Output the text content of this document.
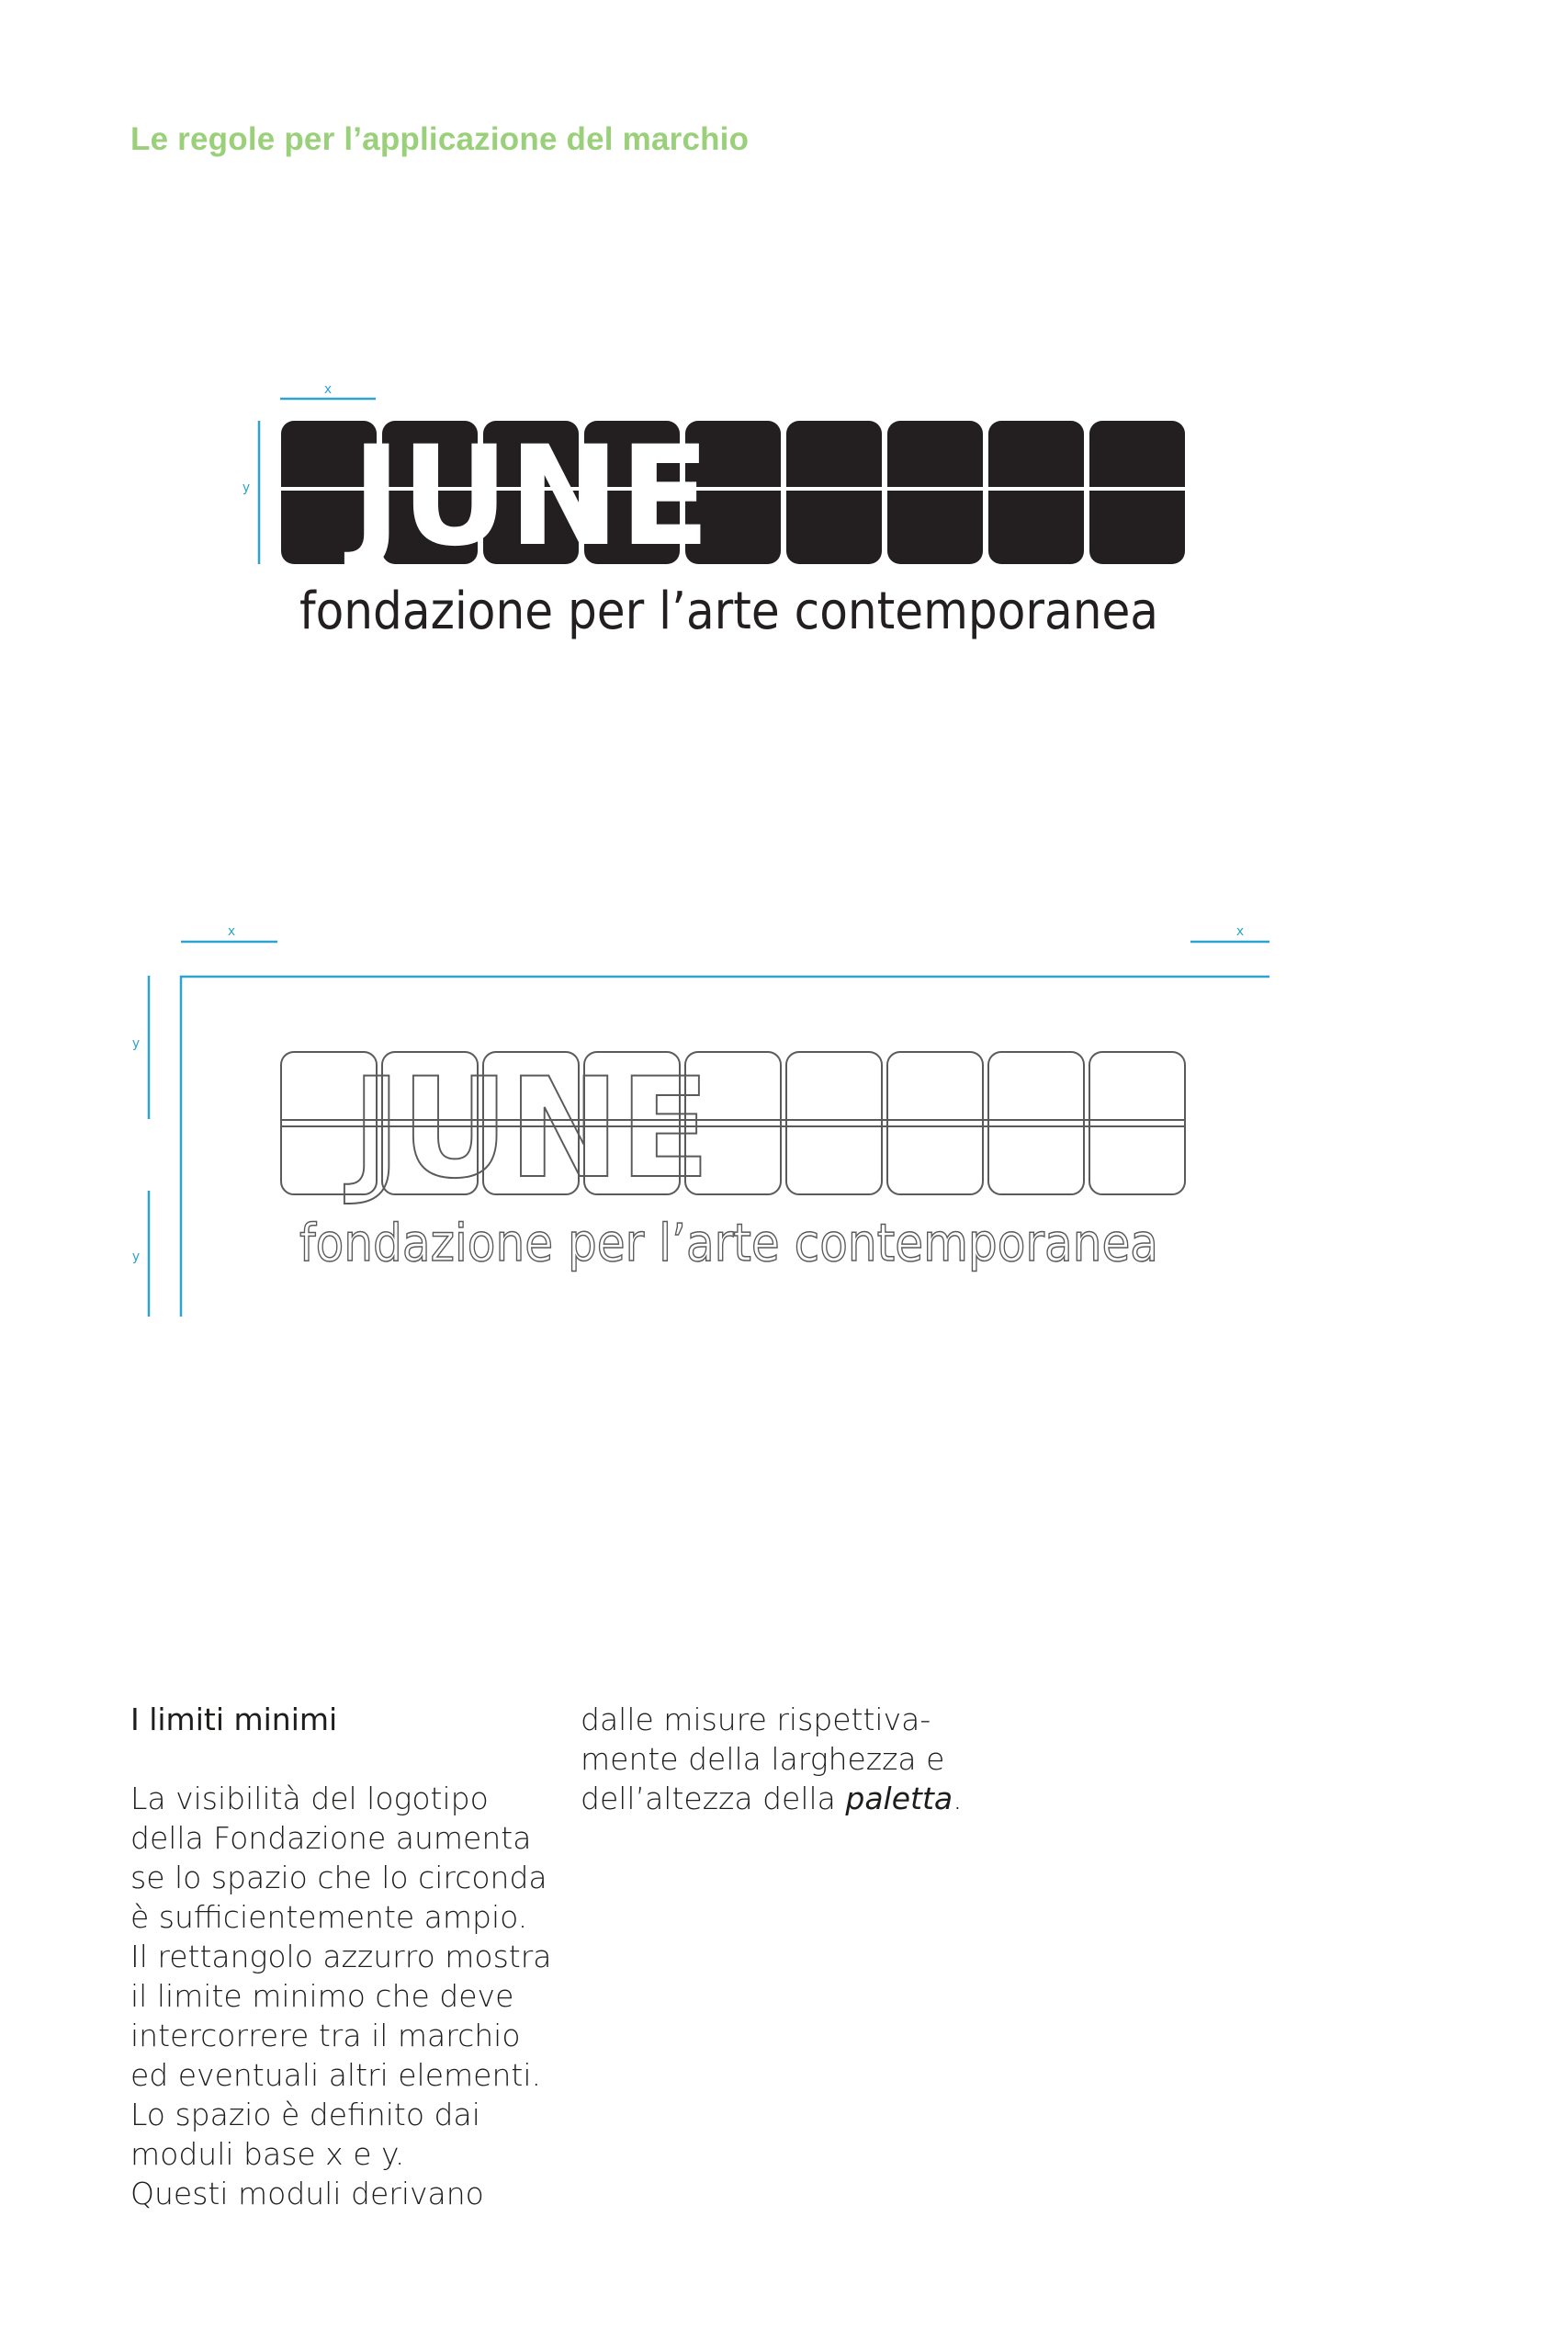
Le regole per l’applicazione del marchio
x
y JUNE
fondazione per l’arte contemporanea
x	x
y
y
JUNE
fondazione per l’arte contemporanea
I limiti minimi

La visibilità del logotipo
della Fondazione aumenta
se lo spazio che lo circonda
è sufficientemente ampio.
Il rettangolo azzurro mostra
il limite minimo che deve
intercorrere tra il marchio
ed eventuali altri elementi.
Lo spazio è definito dai
moduli base x e y.
Questi moduli derivano

dalle misure rispettiva-
mente della larghezza e
dell’altezza della paletta.
